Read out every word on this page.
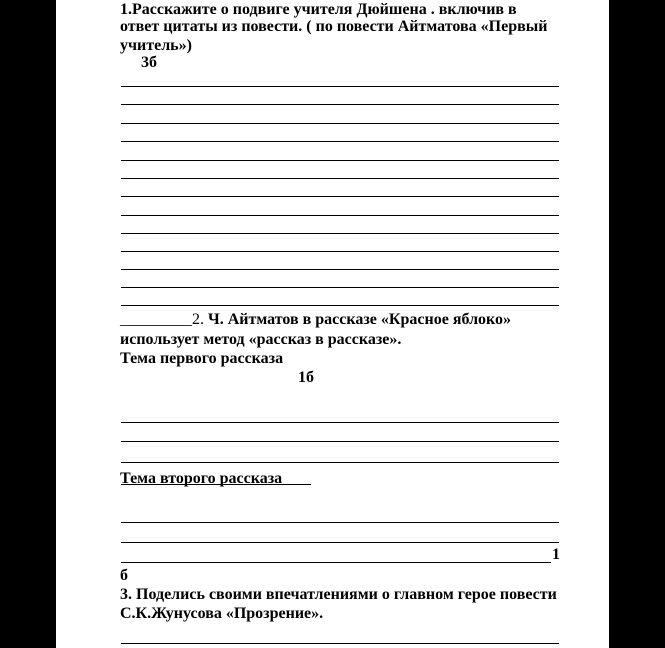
1.Расскажите о подвиге учителя Дюйшена . включив в
ответ цитаты из повести. ( по повести Айтматова «Первый
учитель»)
3б
_________2. Ч. Айтматов в рассказе «Красное яблоко»
использует метод «рассказ в рассказе».
Тема первого рассказа
1б
Тема второго рассказа
1
б
3. Поделись своими впечатлениями о главном герое повести
С.К.Жунусова «Прозрение».
